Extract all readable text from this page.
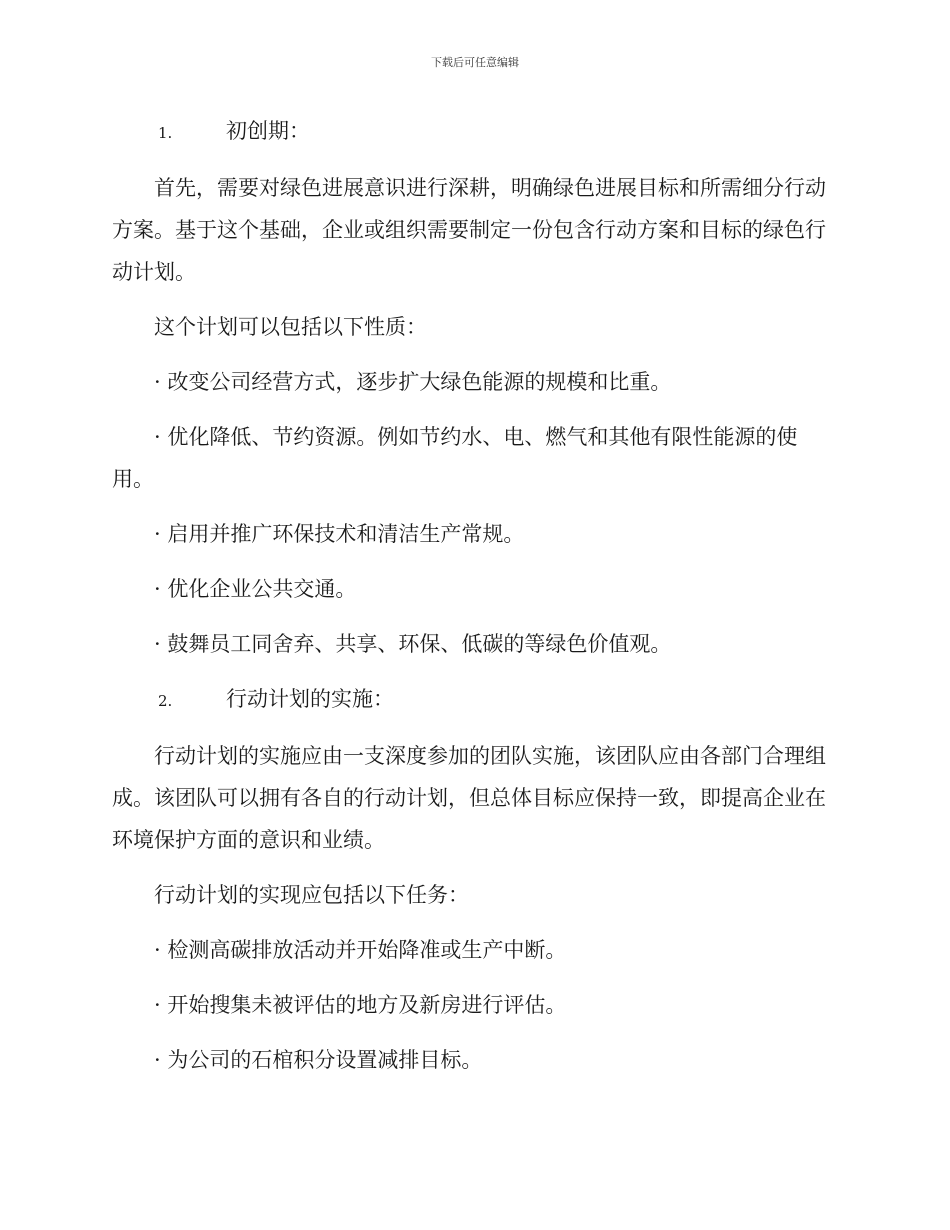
下载后可任意编辑
1.	初创期：

首先，需要对绿色进展意识进行深耕，明确绿色进展目标和所需细分行动方案。基于这个基础，企业或组织需要制定一份包含行动方案和目标的绿色行动计划。

这个计划可以包括以下性质：

· 改变公司经营方式，逐步扩大绿色能源的规模和比重。

· 优化降低、节约资源。例如节约水、电、燃气和其他有限性能源的使用。

· 启用并推广环保技术和清洁生产常规。

· 优化企业公共交通。

· 鼓舞员工同舍弃、共享、环保、低碳的等绿色价值观。

2.	行动计划的实施：

行动计划的实施应由一支深度参加的团队实施，该团队应由各部门合理组成。该团队可以拥有各自的行动计划，但总体目标应保持一致，即提高企业在环境保护方面的意识和业绩。

行动计划的实现应包括以下任务：

· 检测高碳排放活动并开始降准或生产中断。

· 开始搜集未被评估的地方及新房进行评估。

· 为公司的石棺积分设置减排目标。
